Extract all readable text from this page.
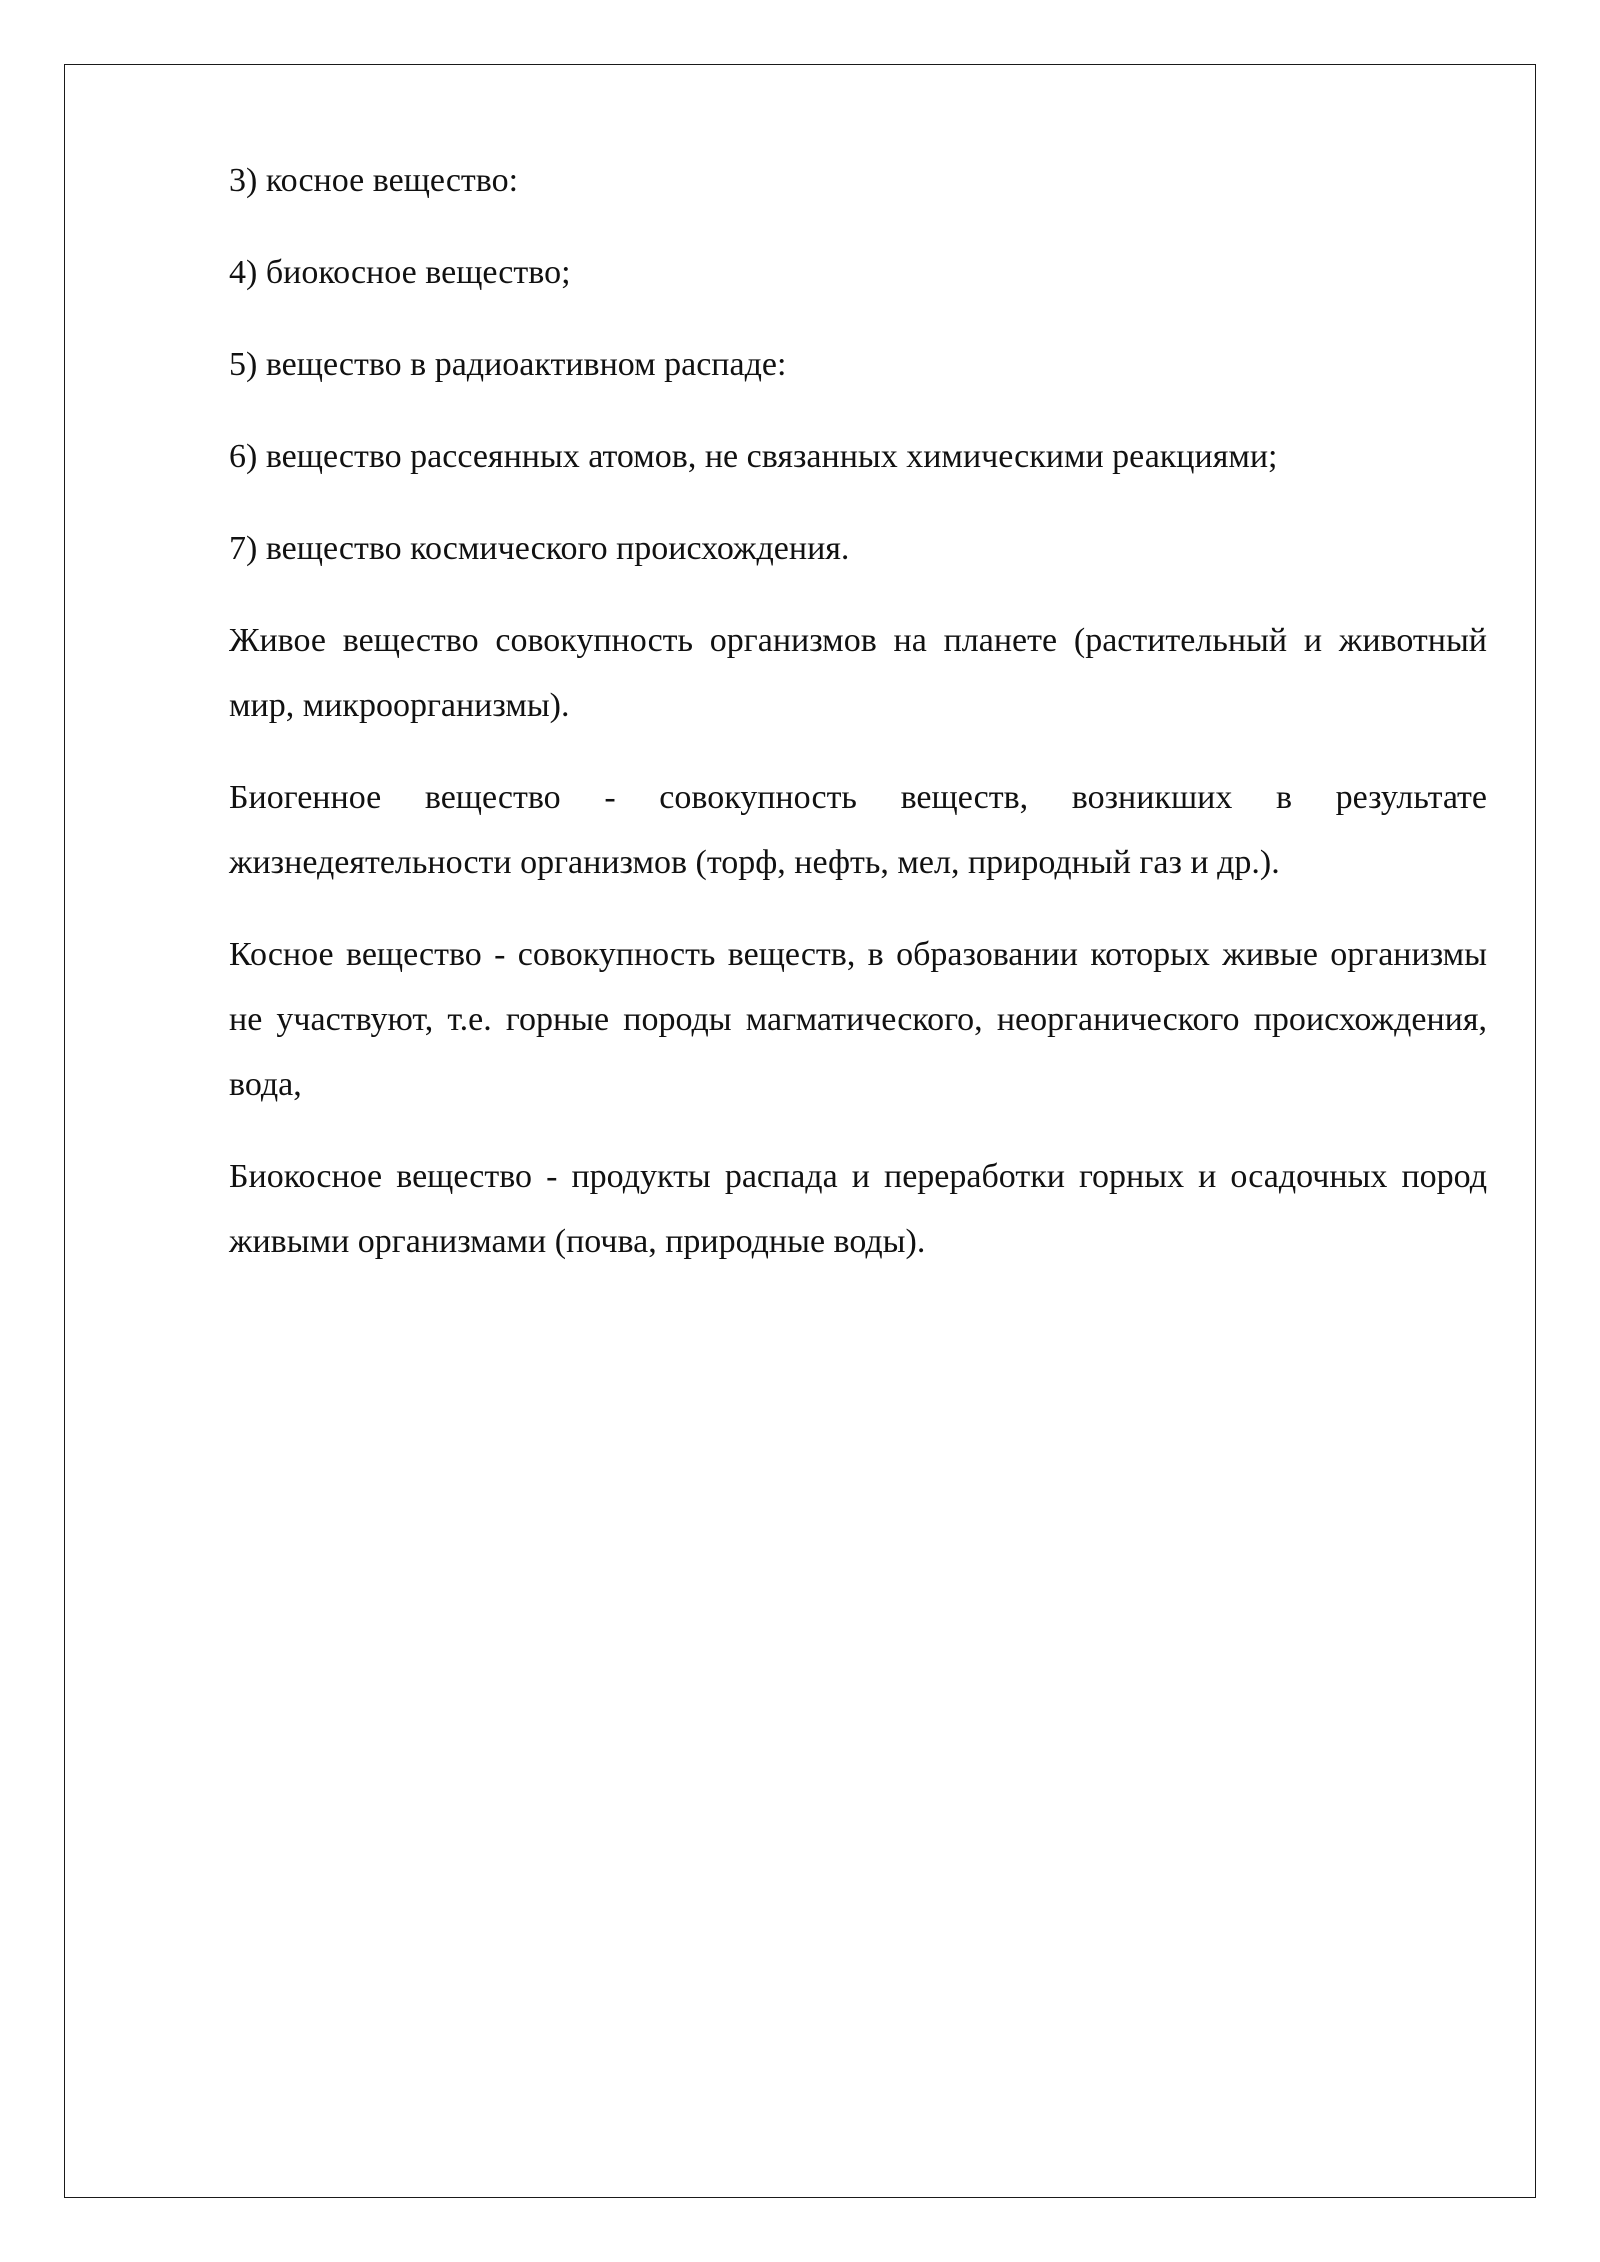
3) косное вещество:

4) биокосное вещество;

5) вещество в радиоактивном распаде:

6) вещество рассеянных атомов, не связанных химическими реакциями;

7) вещество космического происхождения.

Живое вещество совокупность организмов на планете (растительный и животный мир, микроорганизмы).

Биогенное вещество - совокупность веществ, возникших в результате жизнедеятельности организмов (торф, нефть, мел, природный газ и др.).

Косное вещество - совокупность веществ, в образовании которых живые организмы не участвуют, т.е. горные породы магматического, неорганического происхождения, вода,

Биокосное вещество - продукты распада и переработки горных и осадочных пород живыми организмами (почва, природные воды).
